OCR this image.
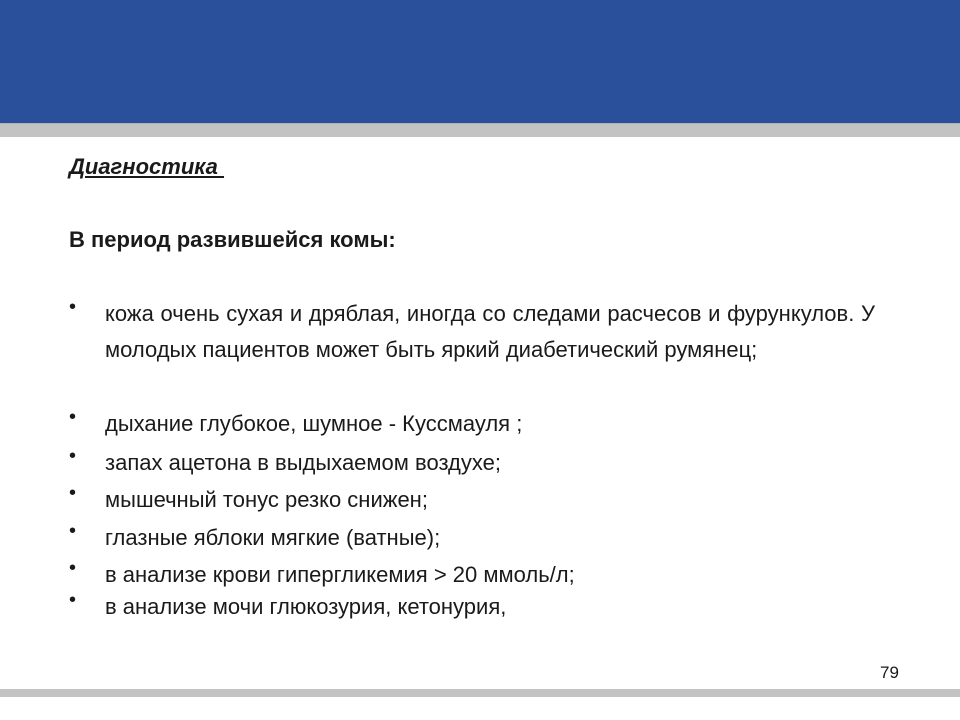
Диагностика

В период развившейся комы:

• кожа очень сухая и дряблая, иногда со следами расчесов и фурункулов. У молодых пациентов может быть яркий диабетический румянец;
• дыхание глубокое, шумное - Куссмауля ;
• запах ацетона в выдыхаемом воздухе;
• мышечный тонус резко снижен;
• глазные яблоки мягкие (ватные);
• в анализе крови гипергликемия > 20 ммоль/л;
• в анализе мочи глюкозурия, кетонурия,

79
